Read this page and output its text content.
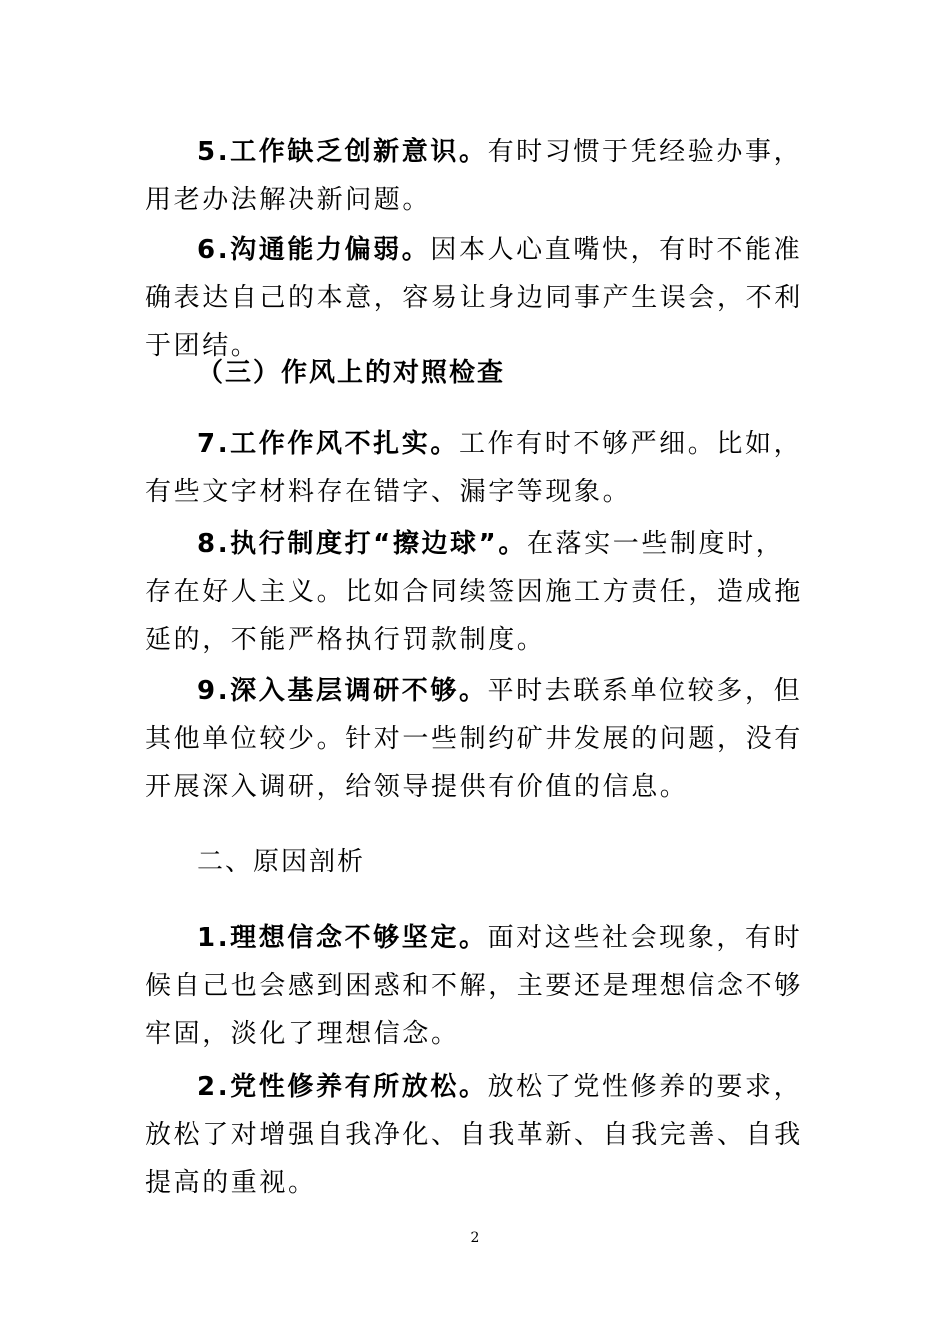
5.工作缺乏创新意识。有时习惯于凭经验办事，用老办法解决新问题。

6.沟通能力偏弱。因本人心直嘴快，有时不能准确表达自己的本意，容易让身边同事产生误会，不利于团结。

（三）作风上的对照检查

7.工作作风不扎实。工作有时不够严细。比如，有些文字材料存在错字、漏字等现象。

8.执行制度打“擦边球”。在落实一些制度时，存在好人主义。比如合同续签因施工方责任，造成拖延的，不能严格执行罚款制度。

9.深入基层调研不够。平时去联系单位较多，但其他单位较少。针对一些制约矿井发展的问题，没有开展深入调研，给领导提供有价值的信息。

二、原因剖析

1.理想信念不够坚定。面对这些社会现象，有时候自己也会感到困惑和不解，主要还是理想信念不够牢固，淡化了理想信念。

2.党性修养有所放松。放松了党性修养的要求，放松了对增强自我净化、自我革新、自我完善、自我提高的重视。

2
